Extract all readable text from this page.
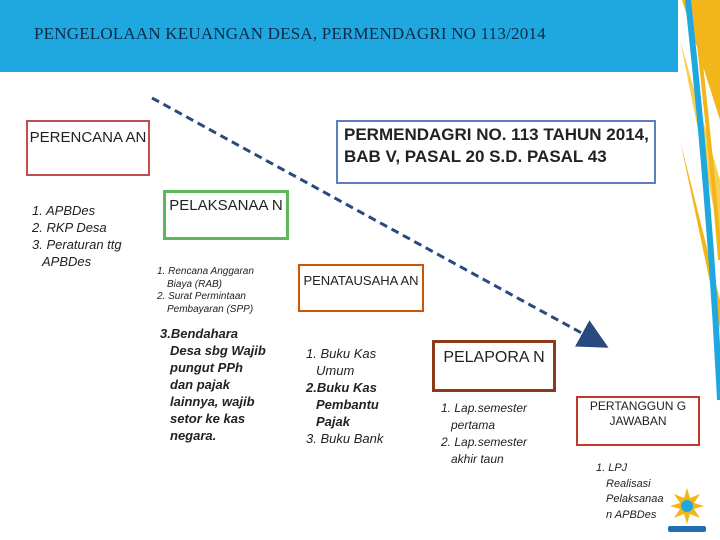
PENGELOLAAN KEUANGAN DESA, PERMENDAGRI NO 113/2014
PERENCANA AN
1. APBDes
2. RKP Desa
3. Peraturan ttg
APBDes
PERMENDAGRI NO. 113 TAHUN 2014, BAB V, PASAL 20 S.D. PASAL 43
PELAKSANAA N
1. Rencana Anggaran
Biaya (RAB)
2. Surat Permintaan
Pembayaran (SPP)
3.Bendahara
Desa sbg Wajib
pungut PPh
dan pajak
lainnya, wajib
setor ke kas
negara.
PENATAUSAHA AN
1. Buku Kas
Umum
2.Buku Kas
Pembantu
Pajak
3. Buku Bank
PELAPORA N
1. Lap.semester
pertama
2. Lap.semester
akhir taun
PERTANGGUN G JAWABAN
1. LPJ
Realisasi
Pelaksanaa
n APBDes
